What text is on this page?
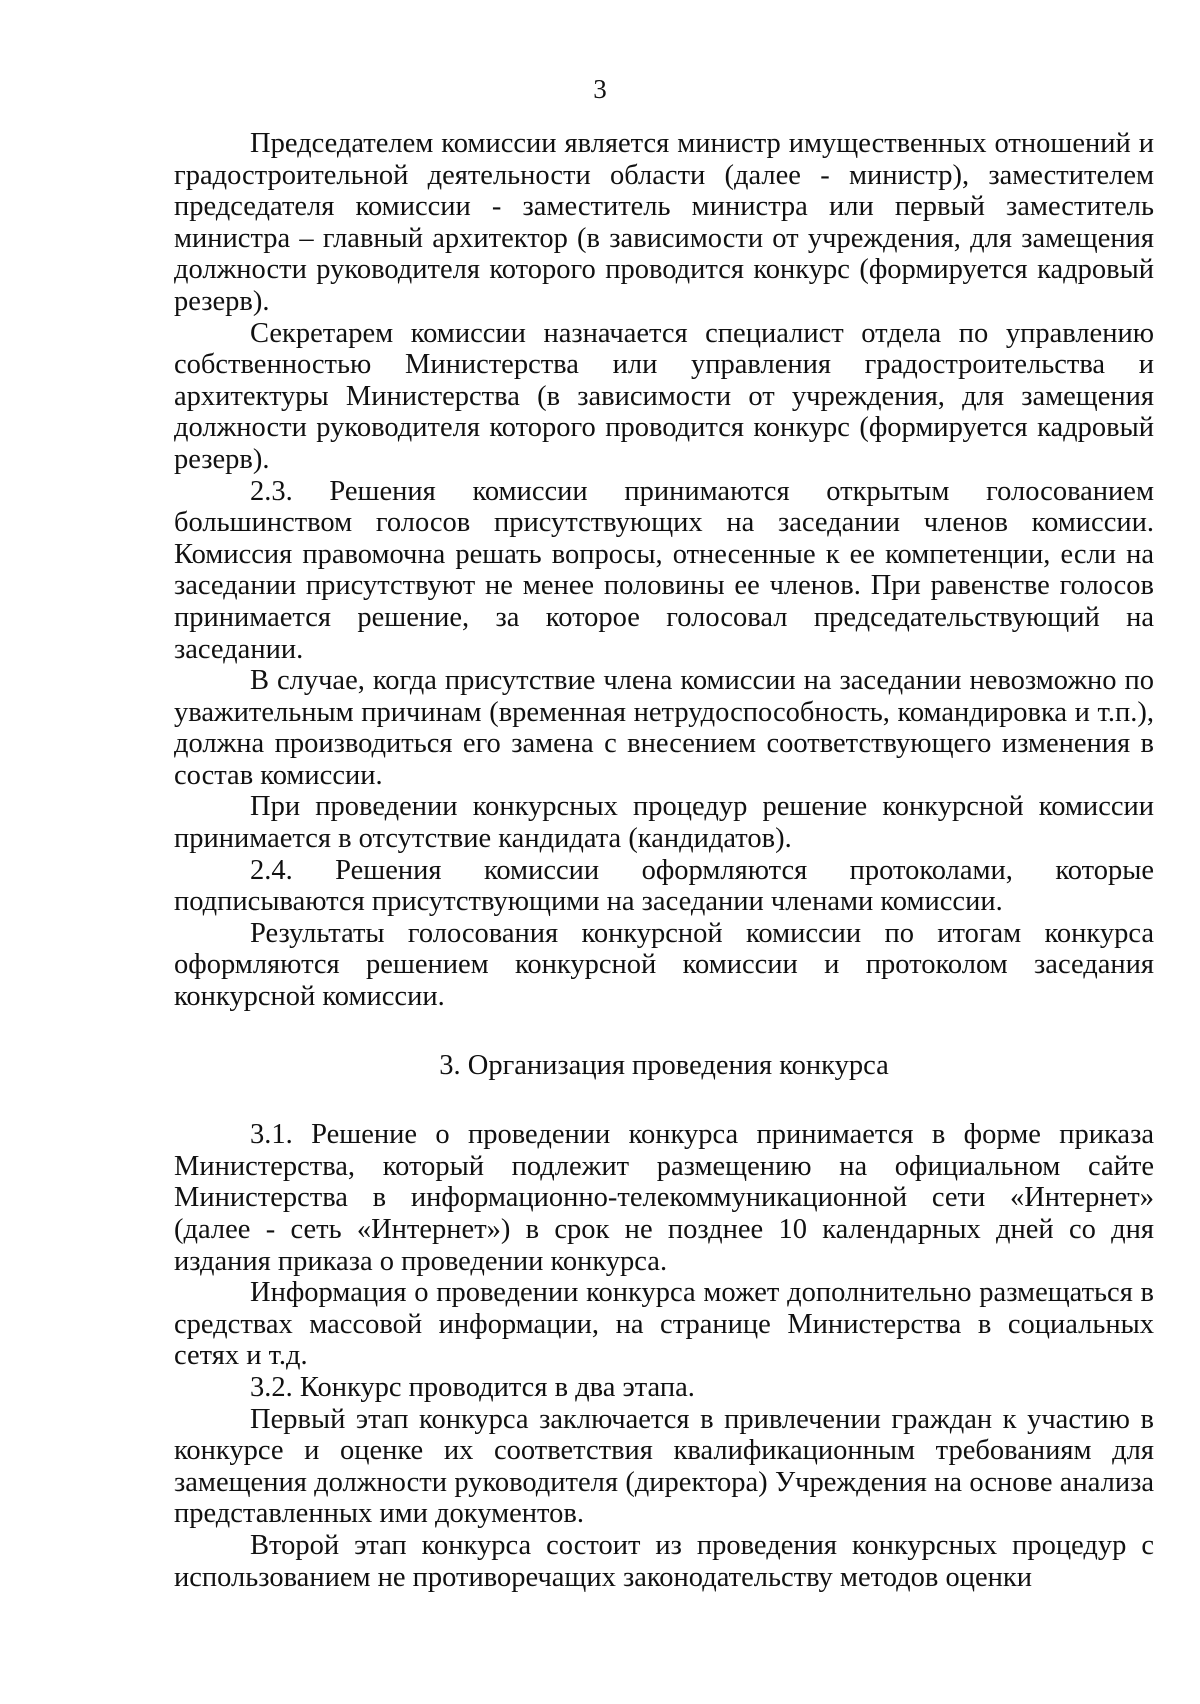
3

Председателем комиссии является министр имущественных отношений и градостроительной деятельности области (далее - министр), заместителем председателя комиссии - заместитель министра или первый заместитель министра – главный архитектор (в зависимости от учреждения, для замещения должности руководителя которого проводится конкурс (формируется кадровый резерв).

Секретарем комиссии назначается специалист отдела по управлению собственностью Министерства или управления градостроительства и архитектуры Министерства (в зависимости от учреждения, для замещения должности руководителя которого проводится конкурс (формируется кадровый резерв).

2.3. Решения комиссии принимаются открытым голосованием большинством голосов присутствующих на заседании членов комиссии. Комиссия правомочна решать вопросы, отнесенные к ее компетенции, если на заседании присутствуют не менее половины ее членов. При равенстве голосов принимается решение, за которое голосовал председательствующий на заседании.

В случае, когда присутствие члена комиссии на заседании невозможно по уважительным причинам (временная нетрудоспособность, командировка и т.п.), должна производиться его замена с внесением соответствующего изменения в состав комиссии.

При проведении конкурсных процедур решение конкурсной комиссии принимается в отсутствие кандидата (кандидатов).

2.4. Решения комиссии оформляются протоколами, которые подписываются присутствующими на заседании членами комиссии.

Результаты голосования конкурсной комиссии по итогам конкурса оформляются решением конкурсной комиссии и протоколом заседания конкурсной комиссии.

3. Организация проведения конкурса

3.1. Решение о проведении конкурса принимается в форме приказа Министерства, который подлежит размещению на официальном сайте Министерства в информационно-телекоммуникационной сети «Интернет» (далее - сеть «Интернет») в срок не позднее 10 календарных дней со дня издания приказа о проведении конкурса.

Информация о проведении конкурса может дополнительно размещаться в средствах массовой информации, на странице Министерства в социальных сетях и т.д.

3.2. Конкурс проводится в два этапа.

Первый этап конкурса заключается в привлечении граждан к участию в конкурсе и оценке их соответствия квалификационным требованиям для замещения должности руководителя (директора) Учреждения на основе анализа представленных ими документов.

Второй этап конкурса состоит из проведения конкурсных процедур с использованием не противоречащих законодательству методов оценки
